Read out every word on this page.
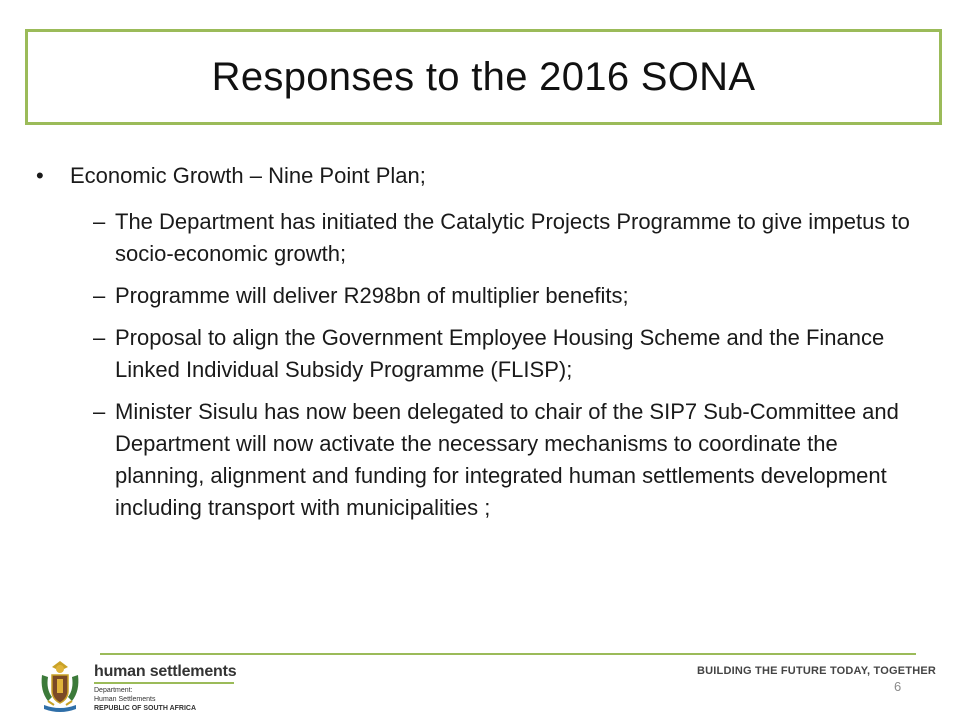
Responses to the 2016 SONA
•	Economic Growth – Nine Point Plan;
– The Department has initiated the Catalytic Projects Programme to give impetus to socio-economic growth;
– Programme will deliver R298bn of multiplier benefits;
– Proposal to align the Government Employee Housing Scheme and the Finance Linked Individual Subsidy Programme (FLISP);
– Minister Sisulu has now been delegated to chair of the SIP7 Sub-Committee and Department will now activate the necessary mechanisms to coordinate the planning, alignment and funding for integrated human settlements development including transport with municipalities ;
6
human settlements
Department:
Human Settlements
REPUBLIC OF SOUTH AFRICA
BUILDING THE FUTURE TODAY, TOGETHER
